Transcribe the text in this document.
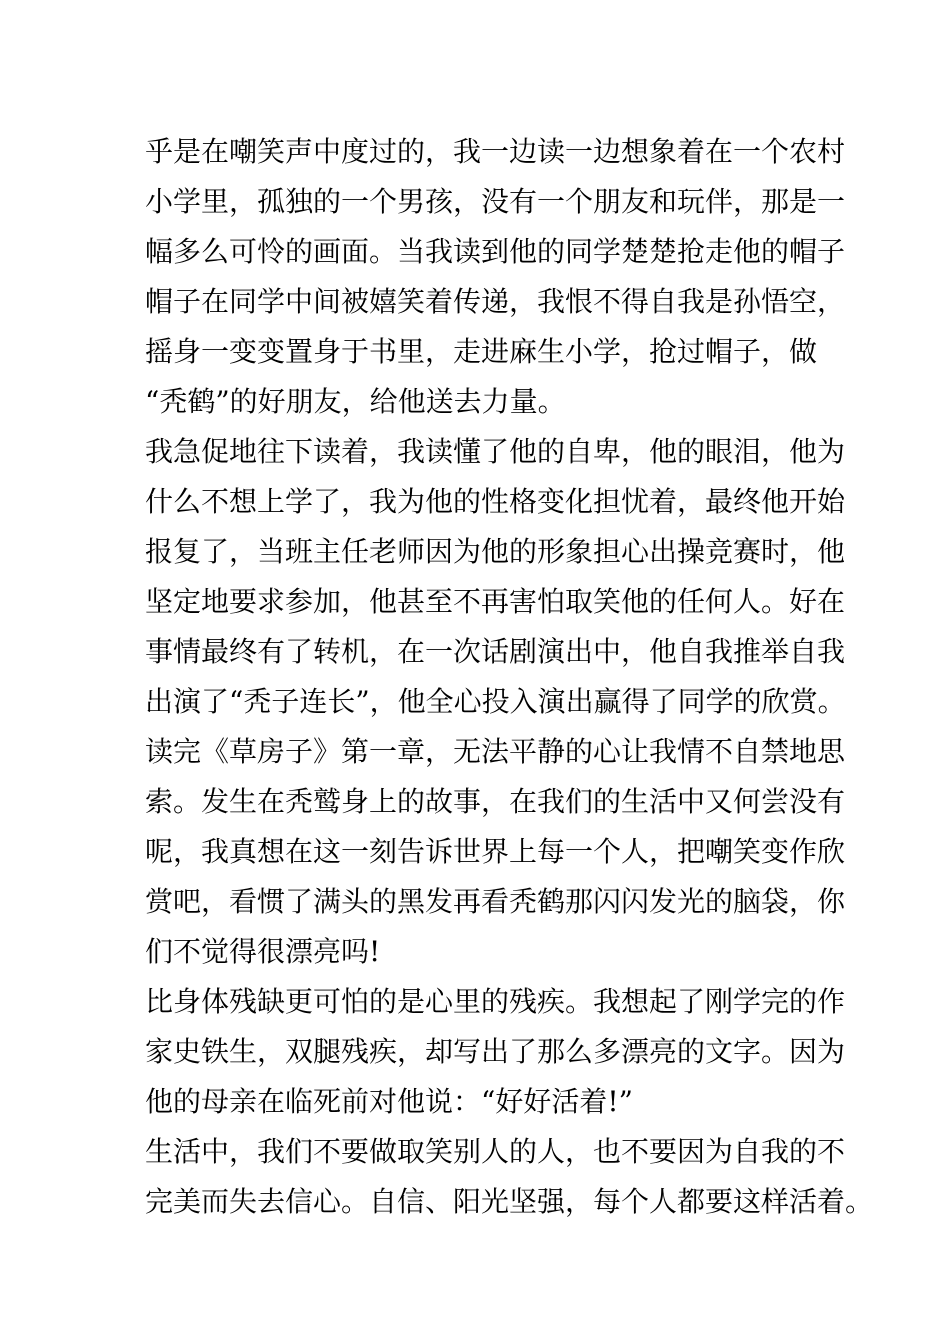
乎是在嘲笑声中度过的，我一边读一边想象着在一个农村
小学里，孤独的一个男孩，没有一个朋友和玩伴，那是一
幅多么可怜的画面。当我读到他的同学楚楚抢走他的帽子
帽子在同学中间被嬉笑着传递，我恨不得自我是孙悟空，
摇身一变变置身于书里，走进麻生小学，抢过帽子，做
“秃鹤”的好朋友，给他送去力量。
我急促地往下读着，我读懂了他的自卑，他的眼泪，他为
什么不想上学了，我为他的性格变化担忧着，最终他开始
报复了，当班主任老师因为他的形象担心出操竞赛时，他
坚定地要求参加，他甚至不再害怕取笑他的任何人。好在
事情最终有了转机，在一次话剧演出中，他自我推举自我
出演了“秃子连长”，他全心投入演出赢得了同学的欣赏。
读完《草房子》第一章，无法平静的心让我情不自禁地思
索。发生在秃鹫身上的故事，在我们的生活中又何尝没有
呢，我真想在这一刻告诉世界上每一个人，把嘲笑变作欣
赏吧，看惯了满头的黑发再看秃鹤那闪闪发光的脑袋，你
们不觉得很漂亮吗!
比身体残缺更可怕的是心里的残疾。我想起了刚学完的作
家史铁生，双腿残疾，却写出了那么多漂亮的文字。因为
他的母亲在临死前对他说：“好好活着!”
生活中，我们不要做取笑别人的人，也不要因为自我的不
完美而失去信心。自信、阳光坚强，每个人都要这样活着。
